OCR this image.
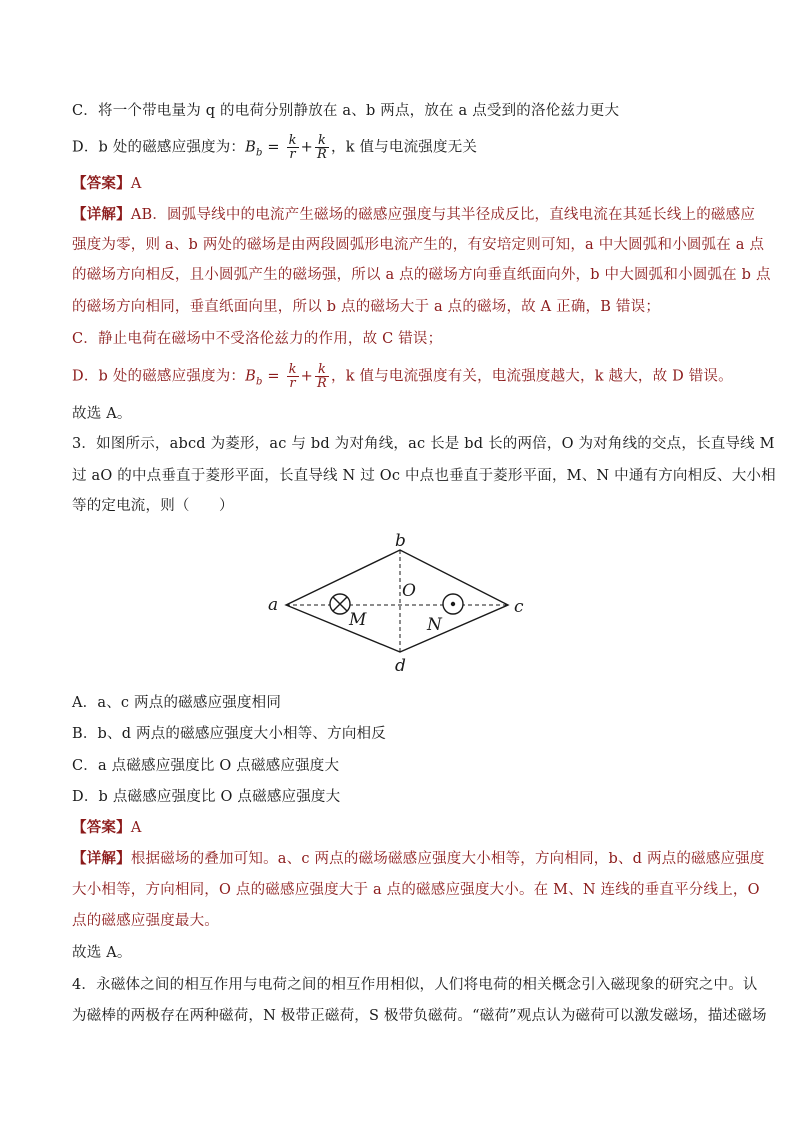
C．将一个带电量为 q 的电荷分别静放在 a、b 两点，放在 a 点受到的洛伦兹力更大
D．b 处的磁感应强度为：$B_b = \frac{k}{r} + \frac{k}{R}$ ，k 值与电流强度无关
【答案】A
【详解】AB．圆弧导线中的电流产生磁场的磁感应强度与其半径成反比，直线电流在其延长线上的磁感应
强度为零，则 a、b 两处的磁场是由两段圆弧形电流产生的，有安培定则可知，a 中大圆弧和小圆弧在 a 点
的磁场方向相反，且小圆弧产生的磁场强，所以 a 点的磁场方向垂直纸面向外，b 中大圆弧和小圆弧在 b 点
的磁场方向相同，垂直纸面向里，所以 b 点的磁场大于 a 点的磁场，故 A 正确，B 错误；
C．静止电荷在磁场中不受洛伦兹力的作用，故 C 错误；
D．b 处的磁感应强度为：$B_b = \frac{k}{r} + \frac{k}{R}$ ，k 值与电流强度有关，电流强度越大，k 越大，故 D 错误。
故选 A。
3．如图所示，abcd 为菱形，ac 与 bd 为对角线，ac 长是 bd 长的两倍，O 为对角线的交点，长直导线 M
过 aO 的中点垂直于菱形平面，长直导线 N 过 Oc 中点也垂直于菱形平面，M、N 中通有方向相反、大小相
等的定电流，则（　　）
a
b
c
d
O
M	N
A．a、c 两点的磁感应强度相同
B．b、d 两点的磁感应强度大小相等、方向相反
C．a 点磁感应强度比 O 点磁感应强度大
D．b 点磁感应强度比 O 点磁感应强度大
【答案】A
【详解】根据磁场的叠加可知。a、c 两点的磁场磁感应强度大小相等，方向相同，b、d 两点的磁感应强度
大小相等，方向相同，O 点的磁感应强度大于 a 点的磁感应强度大小。在 M、N 连线的垂直平分线上，O
点的磁感应强度最大。
故选 A。
4．永磁体之间的相互作用与电荷之间的相互作用相似，人们将电荷的相关概念引入磁现象的研究之中。认
为磁棒的两极存在两种磁荷，N 极带正磁荷，S 极带负磁荷。“磁荷”观点认为磁荷可以激发磁场，描述磁场
